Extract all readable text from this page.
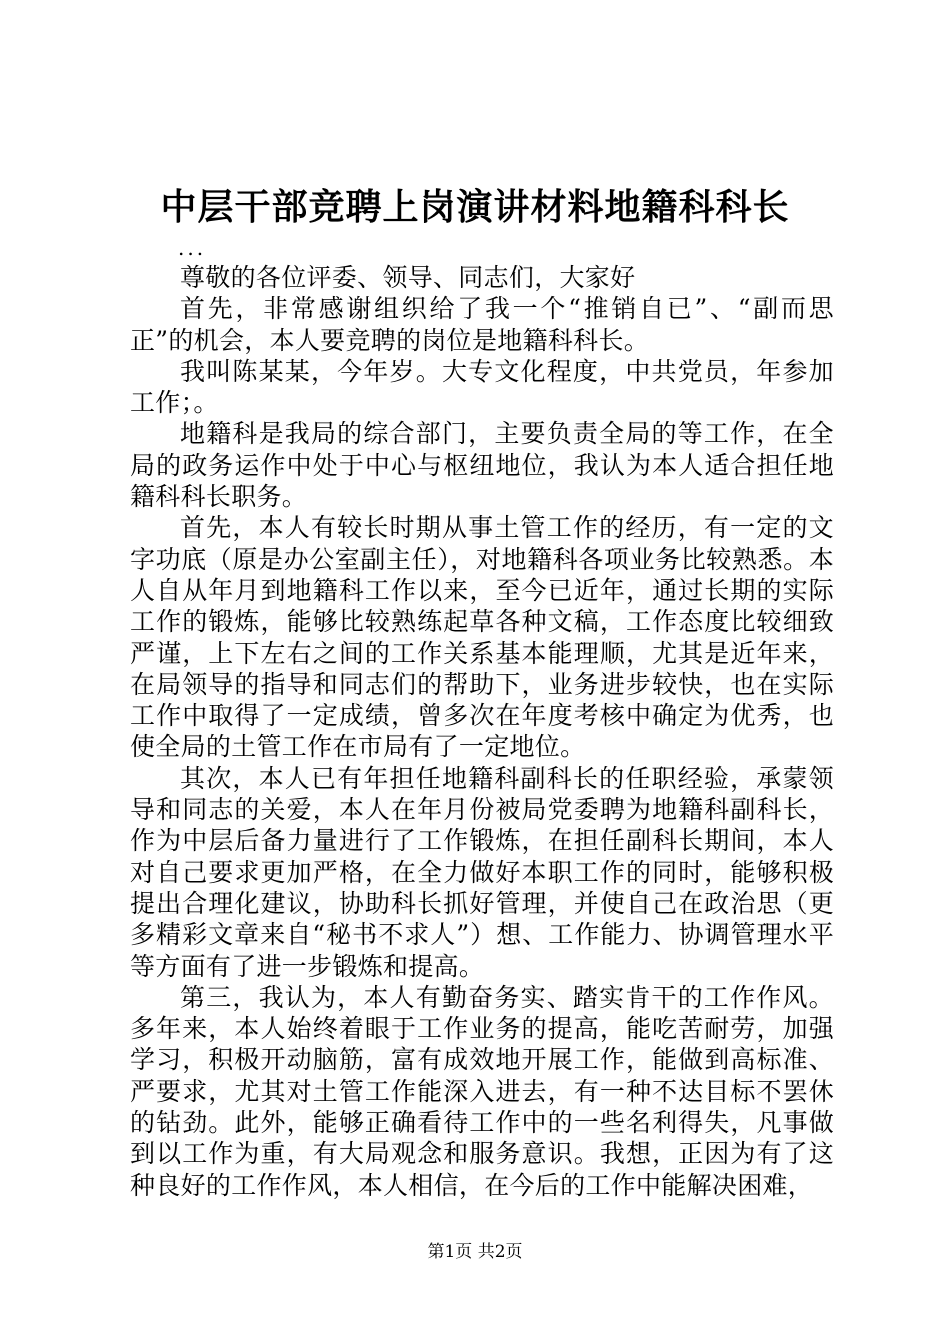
中层干部竞聘上岗演讲材料地籍科科长
...

尊敬的各位评委、领导、同志们，大家好

首先，非常感谢组织给了我一个“推销自已”、“副而思正”的机会，本人要竞聘的岗位是地籍科科长。

我叫陈某某，今年岁。大专文化程度，中共党员，年参加工作；。

地籍科是我局的综合部门，主要负责全局的等工作，在全局的政务运作中处于中心与枢纽地位，我认为本人适合担任地籍科科长职务。

首先，本人有较长时期从事土管工作的经历，有一定的文字功底（原是办公室副主任），对地籍科各项业务比较熟悉。本人自从年月到地籍科工作以来，至今已近年，通过长期的实际工作的锻炼，能够比较熟练起草各种文稿，工作态度比较细致严谨，上下左右之间的工作关系基本能理顺，尤其是近年来，在局领导的指导和同志们的帮助下，业务进步较快，也在实际工作中取得了一定成绩，曾多次在年度考核中确定为优秀，也使全局的土管工作在市局有了一定地位。

其次，本人已有年担任地籍科副科长的任职经验，承蒙领导和同志的关爱，本人在年月份被局党委聘为地籍科副科长，作为中层后备力量进行了工作锻炼，在担任副科长期间，本人对自己要求更加严格，在全力做好本职工作的同时，能够积极提出合理化建议，协助科长抓好管理，并使自己在政治思（更多精彩文章来自“秘书不求人”）想、工作能力、协调管理水平等方面有了进一步锻炼和提高。

第三，我认为，本人有勤奋务实、踏实肯干的工作作风。多年来，本人始终着眼于工作业务的提高，能吃苦耐劳，加强学习，积极开动脑筋，富有成效地开展工作，能做到高标准、严要求，尤其对土管工作能深入进去，有一种不达目标不罢休的钻劲。此外，能够正确看待工作中的一些名利得失，凡事做到以工作为重，有大局观念和服务意识。我想，正因为有了这种良好的工作作风，本人相信，在今后的工作中能解决困难，

第1页 共2页
